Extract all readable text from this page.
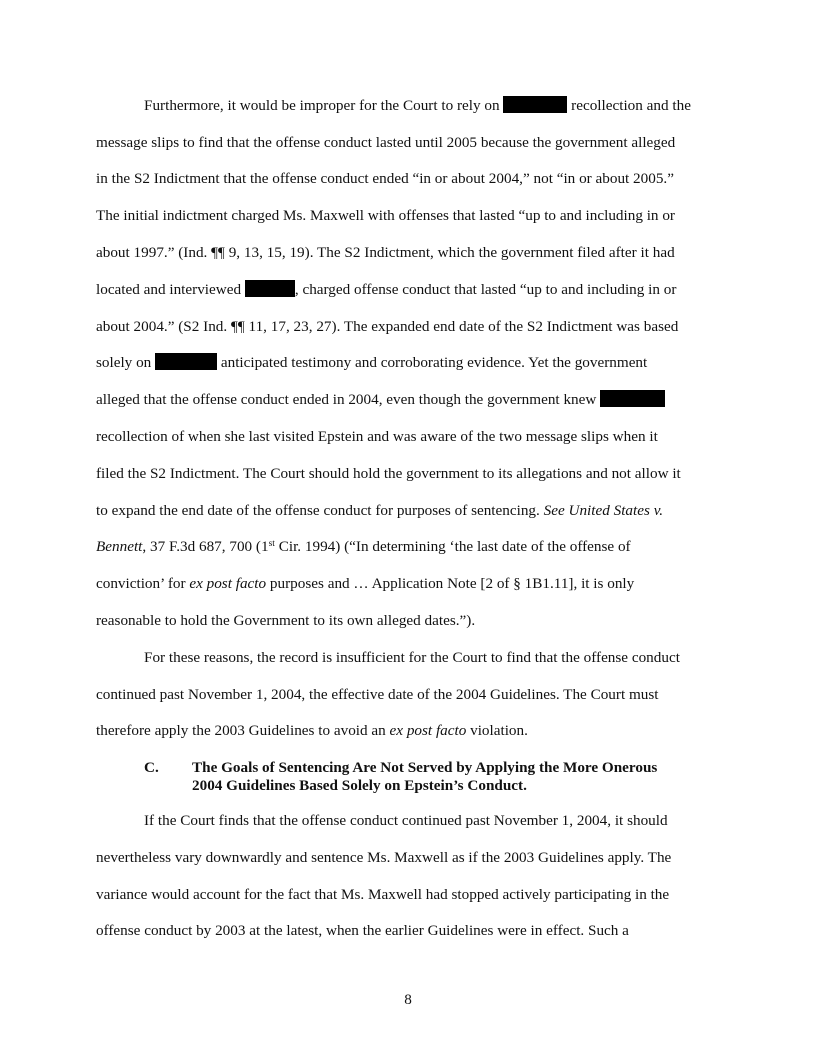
Furthermore, it would be improper for the Court to rely on	recollection and the
message slips to find that the offense conduct lasted until 2005 because the government alleged
in the S2 Indictment that the offense conduct ended “in or about 2004,” not “in or about 2005.”
The initial indictment charged Ms. Maxwell with offenses that lasted “up to and including in or
about 1997.” (Ind. ¶¶ 9, 13, 15, 19). The S2 Indictment, which the government filed after it had
located and interviewed	, charged offense conduct that lasted “up to and including in or
about 2004.” (S2 Ind. ¶¶ 11, 17, 23, 27). The expanded end date of the S2 Indictment was based
solely on	anticipated testimony and corroborating evidence. Yet the government
alleged that the offense conduct ended in 2004, even though the government knew
recollection of when she last visited Epstein and was aware of the two message slips when it
filed the S2 Indictment. The Court should hold the government to its allegations and not allow it
to expand the end date of the offense conduct for purposes of sentencing. See United States v.
Bennett, 37 F.3d 687, 700 (1st Cir. 1994) (“In determining ‘the last date of the offense of
conviction’ for ex post facto purposes and … Application Note [2 of § 1B1.11], it is only
reasonable to hold the Government to its own alleged dates.”).
For these reasons, the record is insufficient for the Court to find that the offense conduct
continued past November 1, 2004, the effective date of the 2004 Guidelines. The Court must
therefore apply the 2003 Guidelines to avoid an ex post facto violation.
C. The Goals of Sentencing Are Not Served by Applying the More Onerous
2004 Guidelines Based Solely on Epstein’s Conduct.
If the Court finds that the offense conduct continued past November 1, 2004, it should
nevertheless vary downwardly and sentence Ms. Maxwell as if the 2003 Guidelines apply. The
variance would account for the fact that Ms. Maxwell had stopped actively participating in the
offense conduct by 2003 at the latest, when the earlier Guidelines were in effect. Such a
8
